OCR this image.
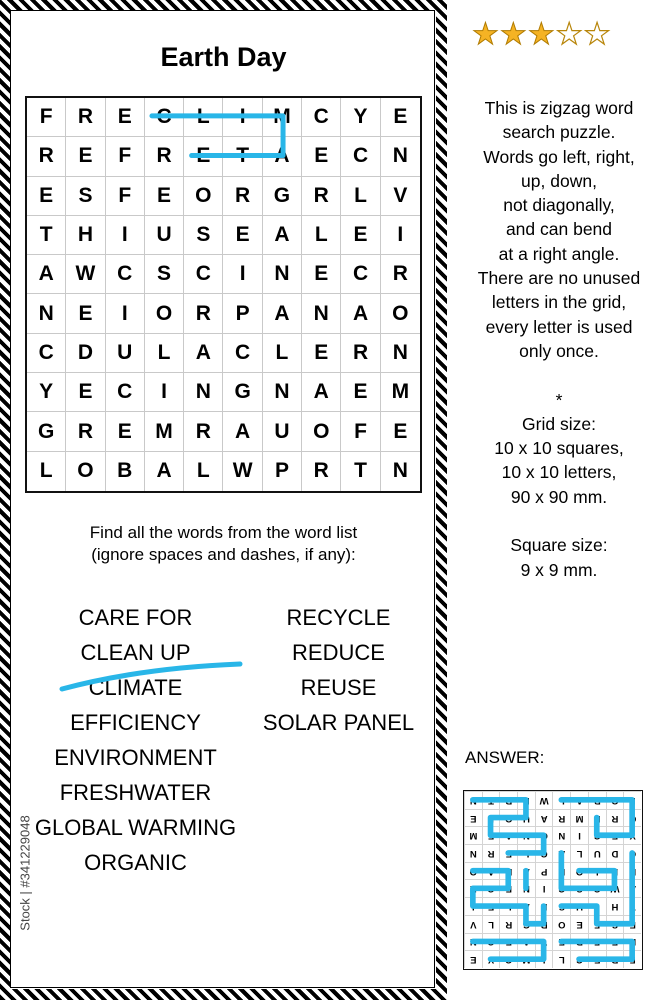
Earth Day
F	R	E	C	L	I	M	C	Y	E
R	E	F	R	E	T	A	E	C	N
E	S	F	E	O	R	G	R	L	V
T	H	I	U	S	E	A	L	E	I
A	W	C	S	C	I	N	E	C	R
N	E	I	O	R	P	A	N	A	O
C	D	U	L	A	C	L	E	R	N
Y	E	C	I	N	G	N	A	E	M
G	R	E	M	R	A	U	O	F	E
L	O	B	A	L	W	P	R	T	N
Find all the words from the word list
(ignore spaces and dashes, if any):
CARE FOR
CLEAN UP
CLIMATE
EFFICIENCY
ENVIRONMENT
FRESHWATER
GLOBAL WARMING
ORGANIC
RECYCLE
REDUCE
REUSE
SOLAR PANEL
Stock | #341229048
★ ★ ★ ★ ★
This is zigzag word
search puzzle.
Words go left, right,
up, down,
not diagonally,
and can bend
at a right angle.
There are no unused
letters in the grid,
every letter is used
only once.

*
Grid size:
10 x 10 squares,
10 x 10 letters,
90 x 90 mm.

Square size:
9 x 9 mm.
ANSWER:
F
R
E
C
L
I
M
C
Y
E
R
E
F
R
E
T
A
E
C
N
E
S
F
E
O
R
G
R
L
V
T
H
I
U
S
E
A
L
E
I
A
W
C
S
C
I
N
E
C
R
N
E
I
O
R
P
A
N
A
O
C
D
U
L
A
C
L
E
R
N
Y
E
C
I
N
G
N
A
E
M
G
R
E
M
R
A
U
O
F
E
L
O
B
A
L
W
P
R
T
N
